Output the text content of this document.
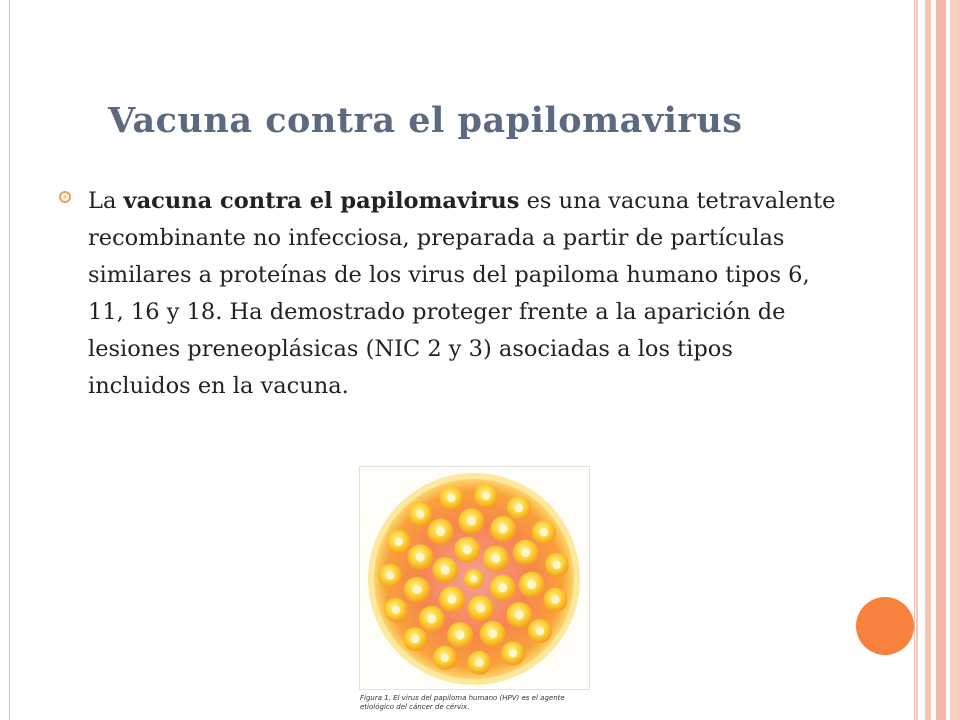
Vacuna contra el papilomavirus

La vacuna contra el papilomavirus es una vacuna tetravalente recombinante no infecciosa, preparada a partir de partículas similares a proteínas de los virus del papiloma humano tipos 6, 11, 16 y 18. Ha demostrado proteger frente a la aparición de lesiones preneoplásicas (NIC 2 y 3) asociadas a los tipos incluidos en la vacuna.

Figura 1. El virus del papiloma humano (HPV) es el agente etiológico del cáncer de cérvix.
